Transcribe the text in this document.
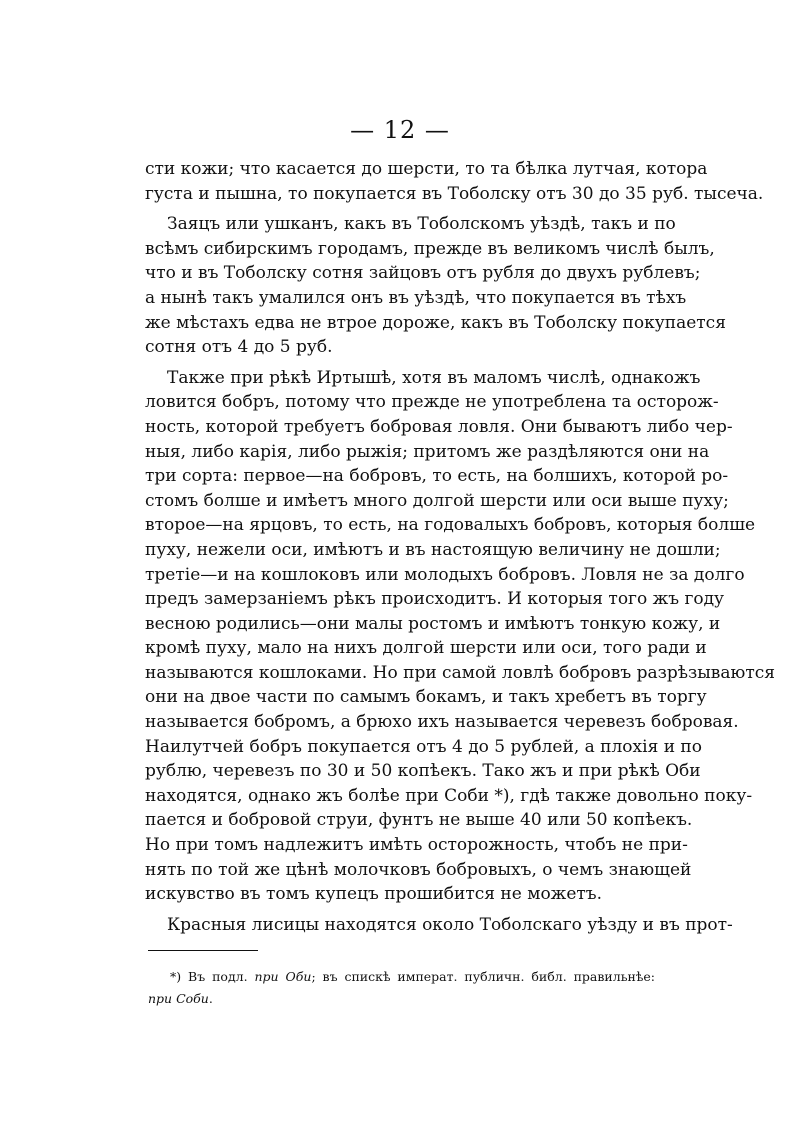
— 12 —
сти кожи; что касается до шерсти, то та бѣлка лутчая, котора
густа и пышна, то покупается въ Тоболску отъ 30 до 35 руб. тысеча.
Заяцъ или ушканъ, какъ въ Тоболскомъ уѣздѣ, такъ и по
всѣмъ сибирскимъ городамъ, прежде въ великомъ числѣ былъ,
что и въ Тоболску сотня зайцовъ отъ рубля до двухъ рублевъ;
а нынѣ такъ умалился онъ въ уѣздѣ, что покупается въ тѣхъ
же мѣстахъ едва не втрое дороже, какъ въ Тоболску покупается
сотня отъ 4 до 5 руб.
Также при рѣкѣ Иртышѣ, хотя въ маломъ числѣ, однакожъ
ловится бобръ, потому что прежде не употреблена та осторож-
ность, которой требуетъ бобровая ловля. Они бываютъ либо чер-
ныя, либо карія, либо рыжія; притомъ же раздѣляются они на
три сорта: первое—на бобровъ, то есть, на болшихъ, которой ро-
стомъ болше и имѣетъ много долгой шерсти или оси выше пуху;
второе—на ярцовъ, то есть, на годовалыхъ бобровъ, которыя болше
пуху, нежели оси, имѣютъ и въ настоящую величину не дошли;
третіе—и на кошлоковъ или молодыхъ бобровъ. Ловля не за долго
предъ замерзаніемъ рѣкъ происходитъ. И которыя того жъ году
весною родились—они малы ростомъ и имѣютъ тонкую кожу, и
кромѣ пуху, мало на нихъ долгой шерсти или оси, того ради и
называются кошлоками. Но при самой ловлѣ бобровъ разрѣзываются
они на двое части по самымъ бокамъ, и такъ хребетъ въ торгу
называется бобромъ, а брюхо ихъ называется черевезъ бобровая.
Наилутчей бобръ покупается отъ 4 до 5 рублей, а плохія и по
рублю, черевезъ по 30 и 50 копѣекъ. Тако жъ и при рѣкѣ Оби
находятся, однако жъ болѣе при Соби *), гдѣ также довольно поку-
пается и бобровой струи, фунтъ не выше 40 или 50 копѣекъ.
Но при томъ надлежитъ имѣть осторожность, чтобъ не при-
нять по той же цѣнѣ молочковъ бобровыхъ, о чемъ знающей
искувство въ томъ купецъ прошибится не можетъ.
Красныя лисицы находятся около Тоболскаго уѣзду и въ прот-
*) Въ подл. при Оби; въ спискѣ императ. публичн. библ. правильнѣе:
при Соби.
